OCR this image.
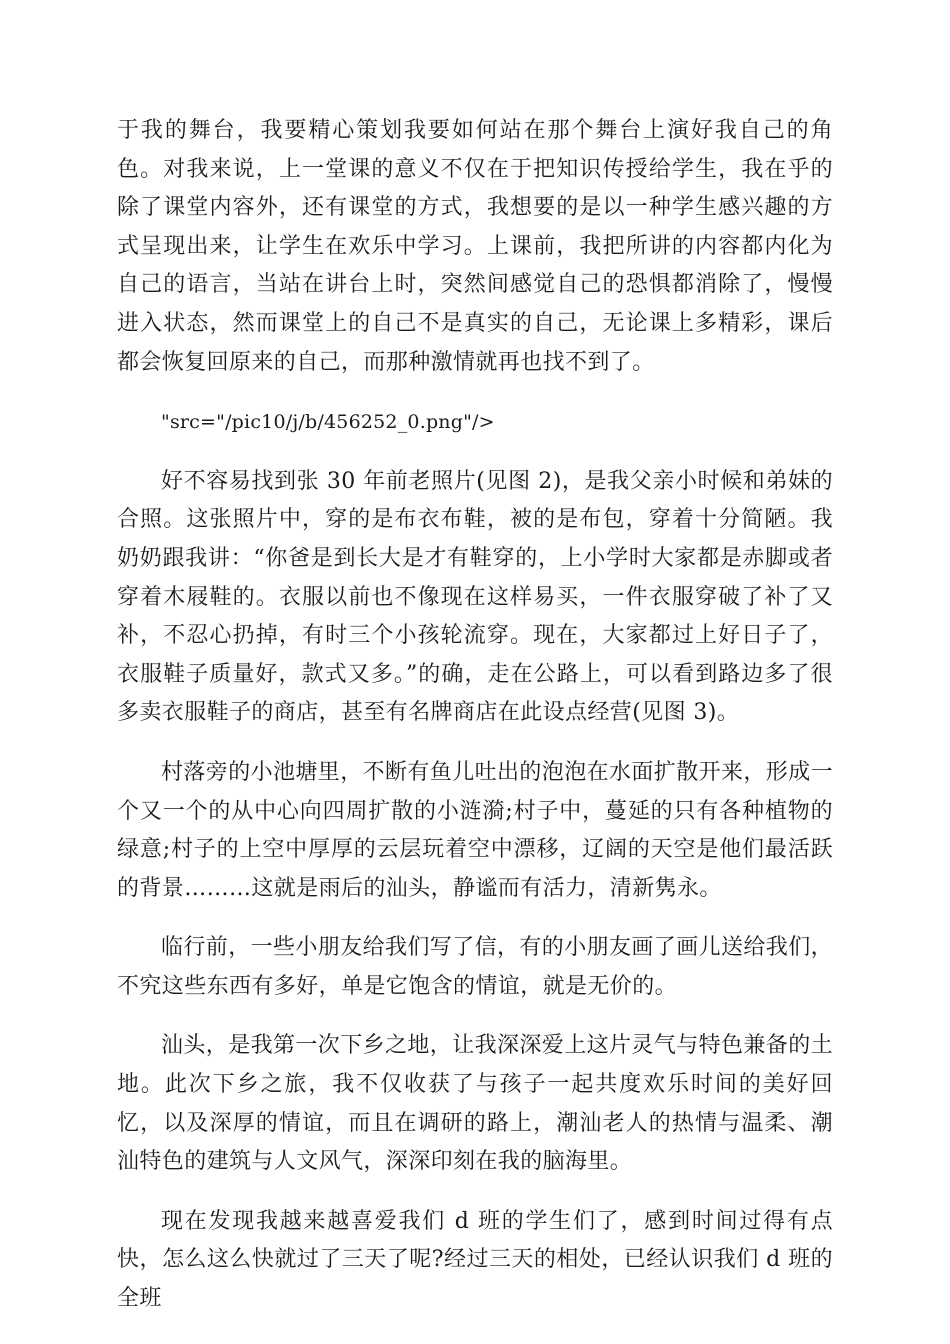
于我的舞台，我要精心策划我要如何站在那个舞台上演好我自己的角色。对我来说，上一堂课的意义不仅在于把知识传授给学生，我在乎的除了课堂内容外，还有课堂的方式，我想要的是以一种学生感兴趣的方式呈现出来，让学生在欢乐中学习。上课前，我把所讲的内容都内化为自己的语言，当站在讲台上时，突然间感觉自己的恐惧都消除了，慢慢进入状态，然而课堂上的自己不是真实的自己，无论课上多精彩，课后都会恢复回原来的自己，而那种激情就再也找不到了。

"src="/pic10/j/b/456252_0.png"/>

好不容易找到张 30 年前老照片(见图 2)，是我父亲小时候和弟妹的合照。这张照片中，穿的是布衣布鞋，被的是布包，穿着十分简陋。我奶奶跟我讲：“你爸是到长大是才有鞋穿的，上小学时大家都是赤脚或者穿着木屐鞋的。衣服以前也不像现在这样易买，一件衣服穿破了补了又补，不忍心扔掉，有时三个小孩轮流穿。现在，大家都过上好日子了，衣服鞋子质量好，款式又多。”的确，走在公路上，可以看到路边多了很多卖衣服鞋子的商店，甚至有名牌商店在此设点经营(见图 3)。

村落旁的小池塘里，不断有鱼儿吐出的泡泡在水面扩散开来，形成一个又一个的从中心向四周扩散的小涟漪;村子中，蔓延的只有各种植物的绿意;村子的上空中厚厚的云层玩着空中漂移，辽阔的天空是他们最活跃的背景………这就是雨后的汕头，静谧而有活力，清新隽永。

临行前，一些小朋友给我们写了信，有的小朋友画了画儿送给我们，不究这些东西有多好，单是它饱含的情谊，就是无价的。

汕头，是我第一次下乡之地，让我深深爱上这片灵气与特色兼备的土地。此次下乡之旅，我不仅收获了与孩子一起共度欢乐时间的美好回忆，以及深厚的情谊，而且在调研的路上，潮汕老人的热情与温柔、潮汕特色的建筑与人文风气，深深印刻在我的脑海里。

现在发现我越来越喜爱我们 d 班的学生们了，感到时间过得有点快，怎么这么快就过了三天了呢?经过三天的相处，已经认识我们 d 班的全班
